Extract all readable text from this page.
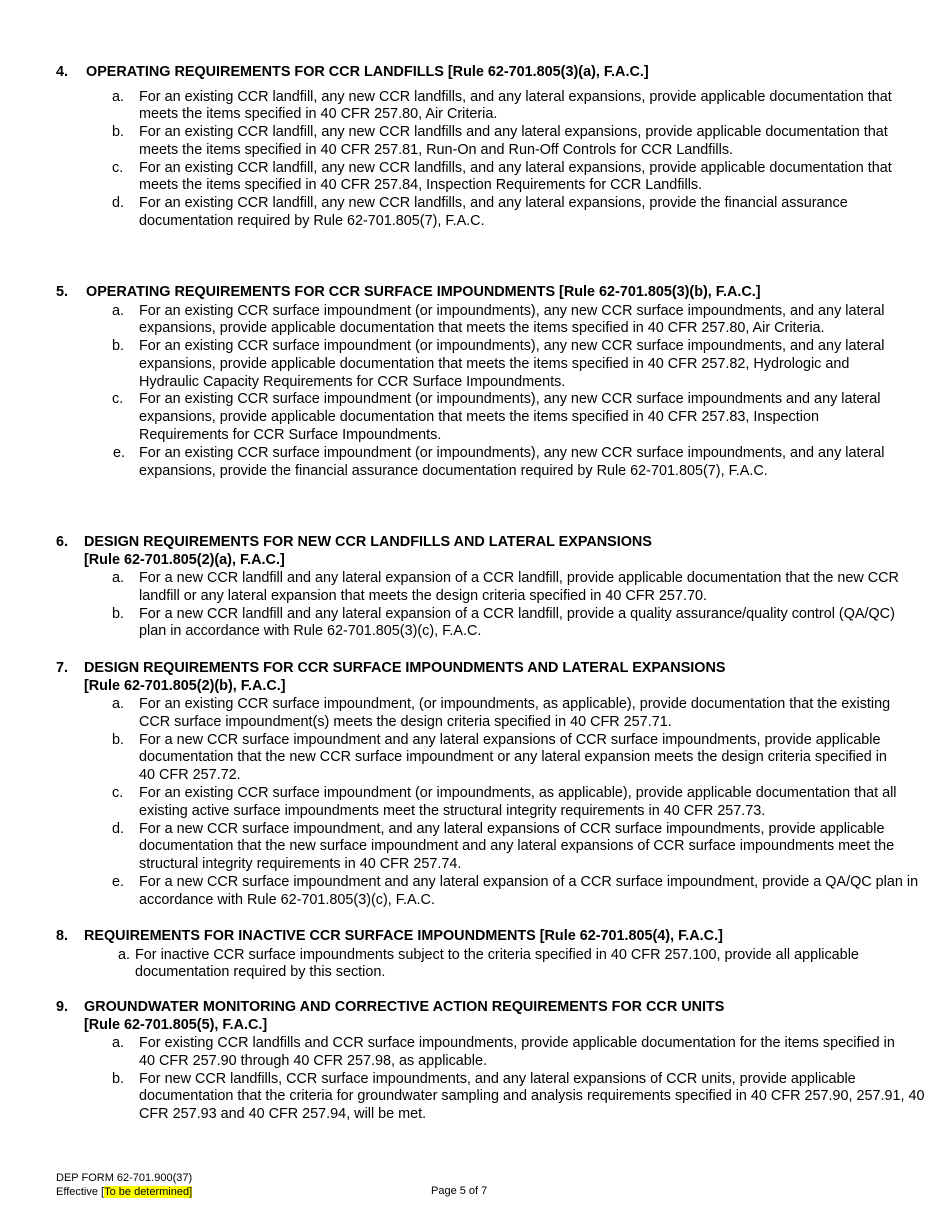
4.	OPERATING REQUIREMENTS FOR CCR LANDFILLS [Rule 62-701.805(3)(a), F.A.C.]
a. For an existing CCR landfill, any new CCR landfills, and any lateral expansions, provide applicable documentation that meets the items specified in 40 CFR 257.80, Air Criteria.
b. For an existing CCR landfill, any new CCR landfills and any lateral expansions, provide applicable documentation that meets the items specified in 40 CFR 257.81, Run-On and Run-Off Controls for CCR Landfills.
c. For an existing CCR landfill, any new CCR landfills, and any lateral expansions, provide applicable documentation that meets the items specified in 40 CFR 257.84, Inspection Requirements for CCR Landfills.
d. For an existing CCR landfill, any new CCR landfills, and any lateral expansions, provide the financial assurance documentation required by Rule 62-701.805(7), F.A.C.
5.	OPERATING REQUIREMENTS FOR CCR SURFACE IMPOUNDMENTS [Rule 62-701.805(3)(b), F.A.C.]
a. For an existing CCR surface impoundment (or impoundments), any new CCR surface impoundments, and any lateral expansions, provide applicable documentation that meets the items specified in 40 CFR 257.80, Air Criteria.
b. For an existing CCR surface impoundment (or impoundments), any new CCR surface impoundments, and any lateral expansions, provide applicable documentation that meets the items specified in 40 CFR 257.82, Hydrologic and Hydraulic Capacity Requirements for CCR Surface Impoundments.
c. For an existing CCR surface impoundment (or impoundments), any new CCR surface impoundments and any lateral expansions, provide applicable documentation that meets the items specified in 40 CFR 257.83, Inspection Requirements for CCR Surface Impoundments.
e. For an existing CCR surface impoundment (or impoundments), any new CCR surface impoundments, and any lateral expansions, provide the financial assurance documentation required by Rule 62-701.805(7), F.A.C.
6.	DESIGN REQUIREMENTS FOR NEW CCR LANDFILLS AND LATERAL EXPANSIONS
[Rule 62-701.805(2)(a), F.A.C.]
a. For a new CCR landfill and any lateral expansion of a CCR landfill, provide applicable documentation that the new CCR landfill or any lateral expansion that meets the design criteria specified in 40 CFR 257.70.
b. For a new CCR landfill and any lateral expansion of a CCR landfill, provide a quality assurance/quality control (QA/QC) plan in accordance with Rule 62-701.805(3)(c), F.A.C.
7.	DESIGN REQUIREMENTS FOR CCR SURFACE IMPOUNDMENTS AND LATERAL EXPANSIONS
[Rule 62-701.805(2)(b), F.A.C.]
a. For an existing CCR surface impoundment, (or impoundments, as applicable), provide documentation that the existing CCR surface impoundment(s) meets the design criteria specified in 40 CFR 257.71.
b. For a new CCR surface impoundment and any lateral expansions of CCR surface impoundments, provide applicable documentation that the new CCR surface impoundment or any lateral expansion meets the design criteria specified in 40 CFR 257.72.
c. For an existing CCR surface impoundment (or impoundments, as applicable), provide applicable documentation that all existing active surface impoundments meet the structural integrity requirements in 40 CFR 257.73.
d. For a new CCR surface impoundment, and any lateral expansions of CCR surface impoundments, provide applicable documentation that the new surface impoundment and any lateral expansions of CCR surface impoundments meet the structural integrity requirements in 40 CFR 257.74.
e. For a new CCR surface impoundment and any lateral expansion of a CCR surface impoundment, provide a QA/QC plan in accordance with Rule 62-701.805(3)(c), F.A.C.
8.	REQUIREMENTS FOR INACTIVE CCR SURFACE IMPOUNDMENTS [Rule 62-701.805(4), F.A.C.]
a. For inactive CCR surface impoundments subject to the criteria specified in 40 CFR 257.100, provide all applicable documentation required by this section.
9.	GROUNDWATER MONITORING AND CORRECTIVE ACTION REQUIREMENTS FOR CCR UNITS
[Rule 62-701.805(5), F.A.C.]
a. For existing CCR landfills and CCR surface impoundments, provide applicable documentation for the items specified in 40 CFR 257.90 through 40 CFR 257.98, as applicable.
b. For new CCR landfills, CCR surface impoundments, and any lateral expansions of CCR units, provide applicable documentation that the criteria for groundwater sampling and analysis requirements specified in 40 CFR 257.90, 257.91, 40 CFR 257.93 and 40 CFR 257.94, will be met.
DEP FORM 62-701.900(37)
Effective [To be determined]	Page 5 of 7
